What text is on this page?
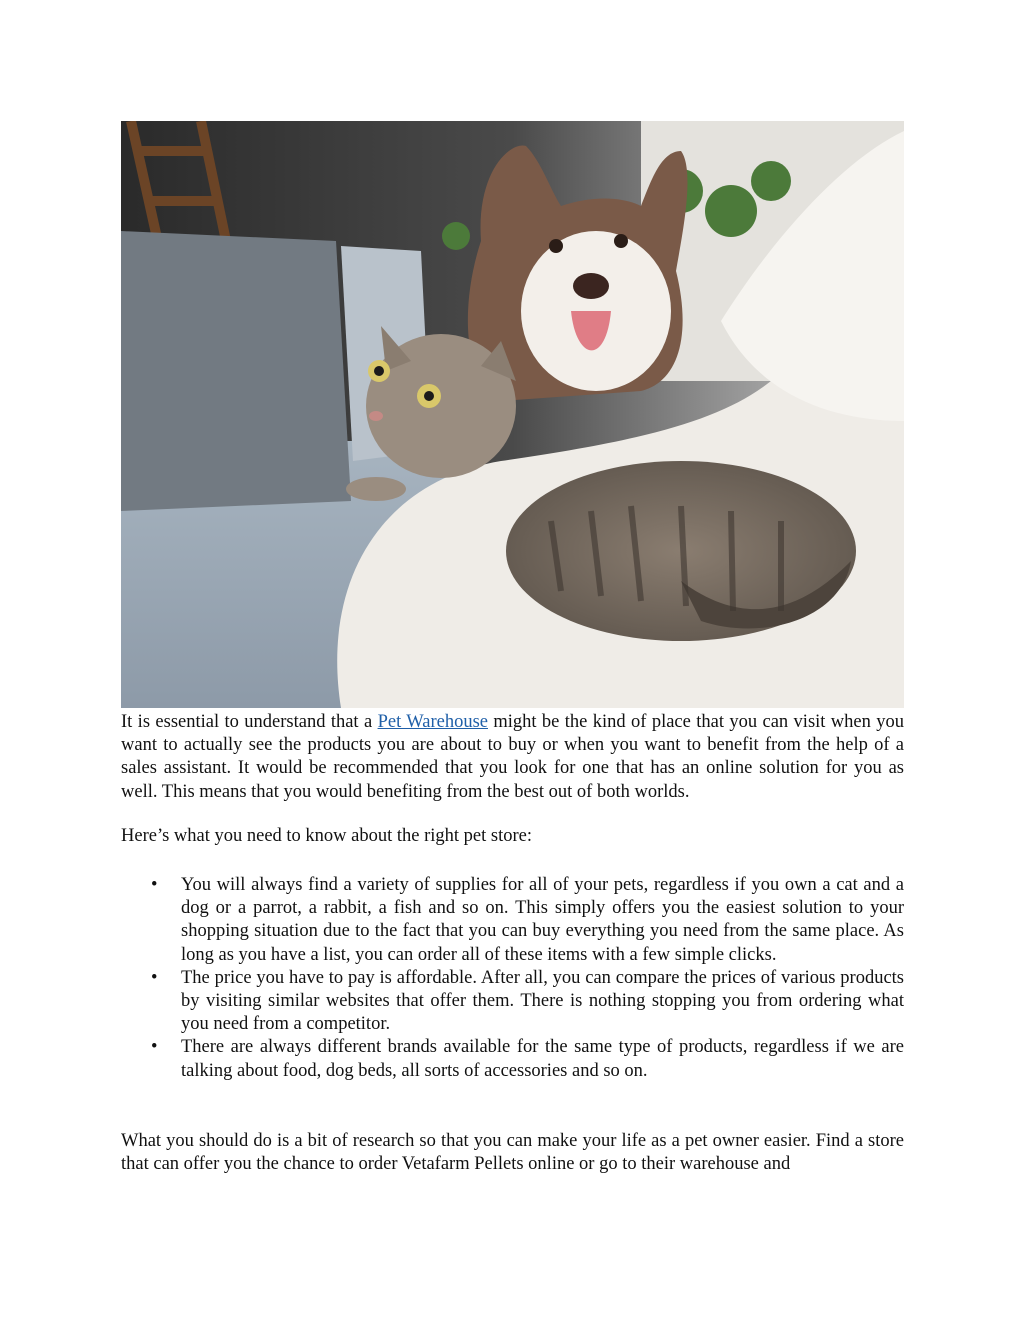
It is essential to understand that a Pet Warehouse might be the kind of place that you can visit when you want to actually see the products you are about to buy or when you want to benefit from the help of a sales assistant. It would be recommended that you look for one that has an online solution for you as well. This means that you would benefiting from the best out of both worlds.
Here’s what you need to know about the right pet store:
• You will always find a variety of supplies for all of your pets, regardless if you own a cat and a dog or a parrot, a rabbit, a fish and so on. This simply offers you the easiest solution to your shopping situation due to the fact that you can buy everything you need from the same place. As long as you have a list, you can order all of these items with a few simple clicks.
• The price you have to pay is affordable. After all, you can compare the prices of various products by visiting similar websites that offer them. There is nothing stopping you from ordering what you need from a competitor.
• There are always different brands available for the same type of products, regardless if we are talking about food, dog beds, all sorts of accessories and so on.
What you should do is a bit of research so that you can make your life as a pet owner easier. Find a store that can offer you the chance to order Vetafarm Pellets online or go to their warehouse and
